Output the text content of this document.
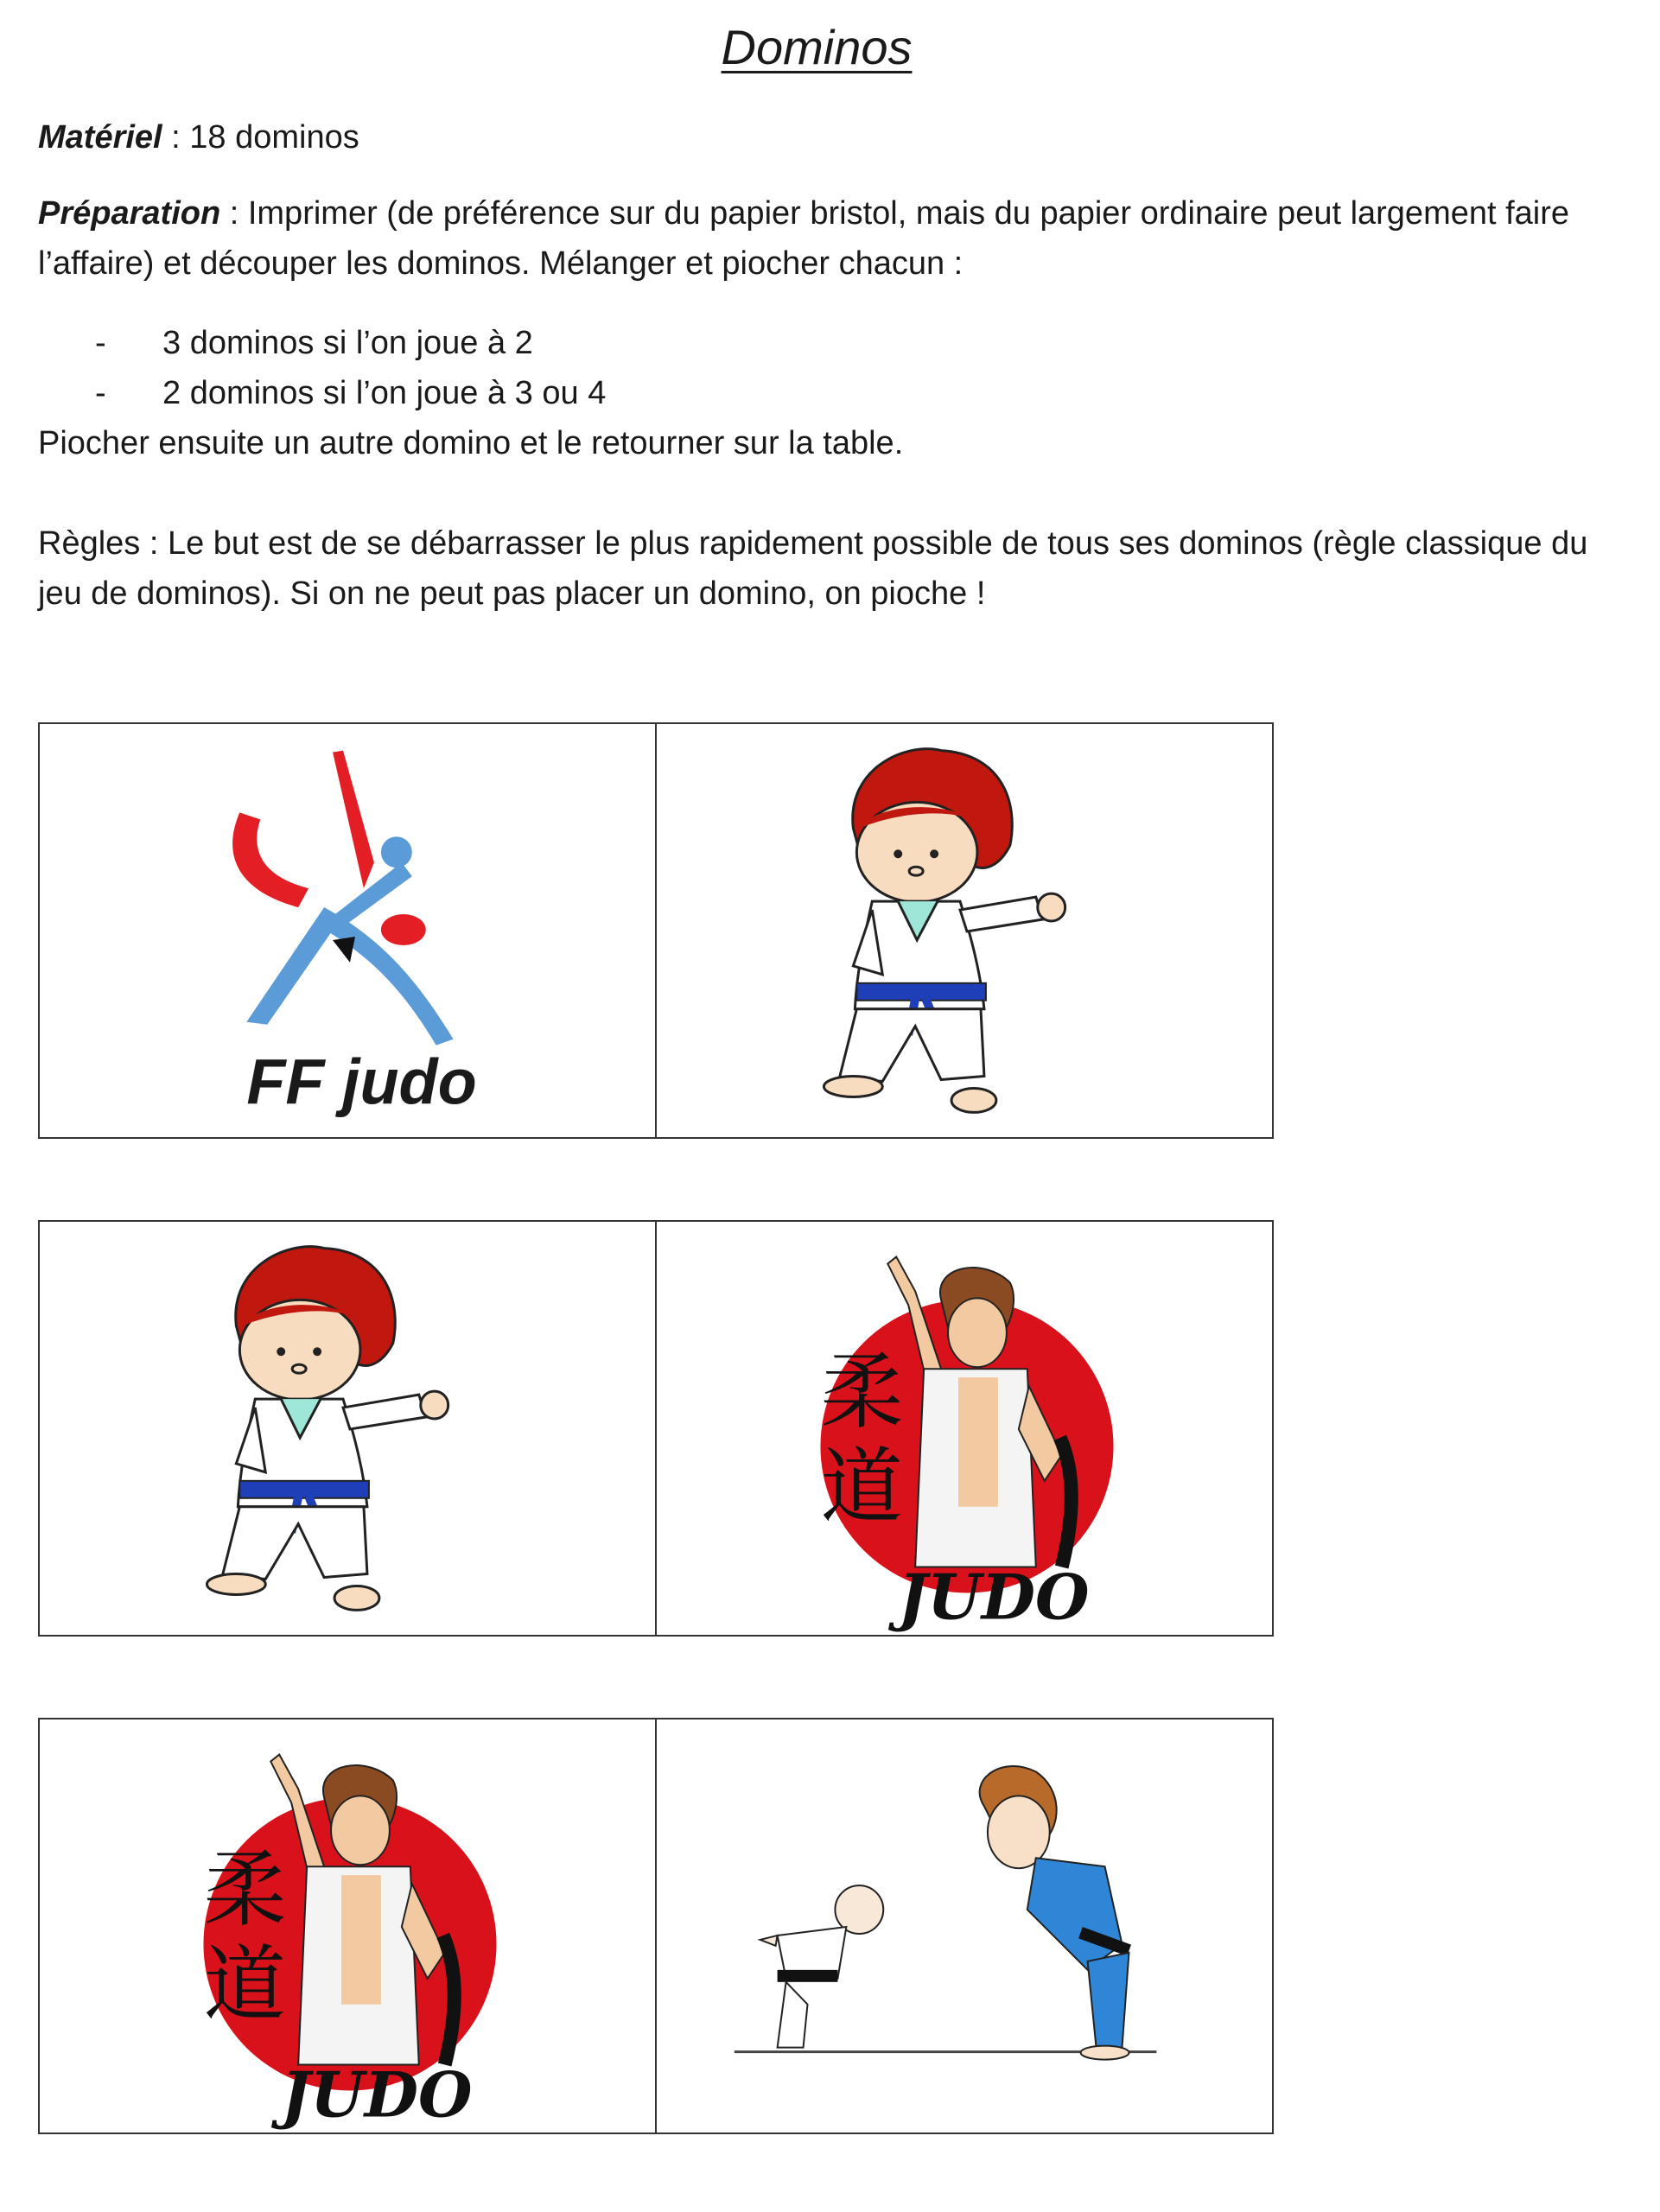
Dominos
Matériel : 18 dominos
Préparation : Imprimer (de préférence sur du papier bristol, mais du papier ordinaire peut largement faire l’affaire) et découper les dominos. Mélanger et piocher chacun :
- 3 dominos si l’on joue à 2
- 2 dominos si l’on joue à 3 ou 4
Piocher ensuite un autre domino et le retourner sur la table.
Règles : Le but est de se débarrasser le plus rapidement possible de tous ses dominos (règle classique du jeu de dominos). Si on ne peut pas placer un domino, on pioche !
FF judo
柔
道
JUDO
柔
道
JUDO
